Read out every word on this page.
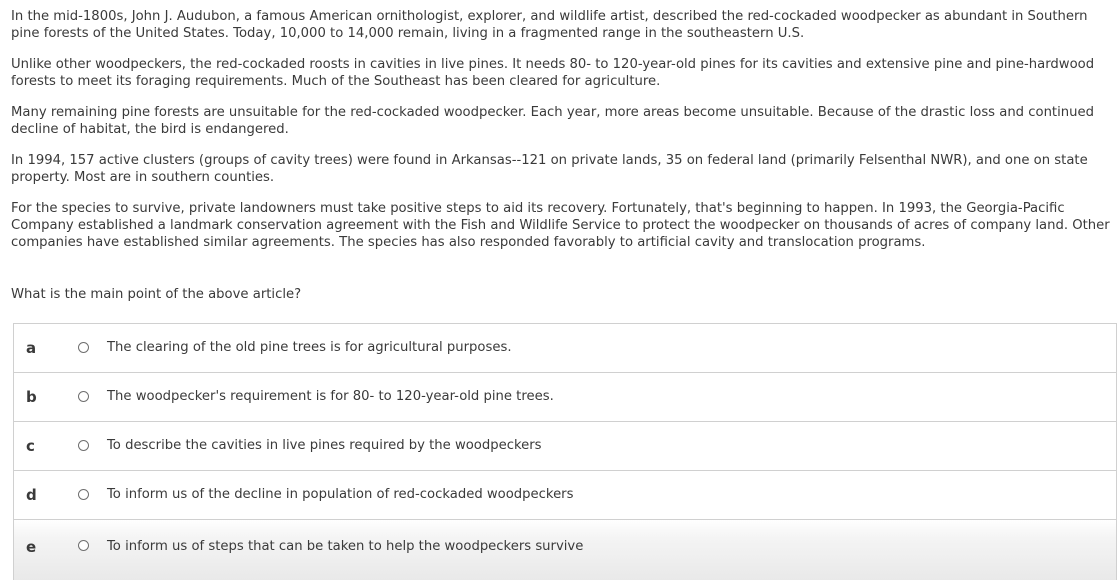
In the mid-1800s, John J. Audubon, a famous American ornithologist, explorer, and wildlife artist, described the red-cockaded woodpecker as abundant in Southern pine forests of the United States. Today, 10,000 to 14,000 remain, living in a fragmented range in the southeastern U.S.

Unlike other woodpeckers, the red-cockaded roosts in cavities in live pines. It needs 80- to 120-year-old pines for its cavities and extensive pine and pine-hardwood forests to meet its foraging requirements. Much of the Southeast has been cleared for agriculture.

Many remaining pine forests are unsuitable for the red-cockaded woodpecker. Each year, more areas become unsuitable. Because of the drastic loss and continued decline of habitat, the bird is endangered.

In 1994, 157 active clusters (groups of cavity trees) were found in Arkansas--121 on private lands, 35 on federal land (primarily Felsenthal NWR), and one on state property. Most are in southern counties.

For the species to survive, private landowners must take positive steps to aid its recovery. Fortunately, that's beginning to happen. In 1993, the Georgia-Pacific Company established a landmark conservation agreement with the Fish and Wildlife Service to protect the woodpecker on thousands of acres of company land. Other companies have established similar agreements. The species has also responded favorably to artificial cavity and translocation programs.

What is the main point of the above article?

a	The clearing of the old pine trees is for agricultural purposes.
b	The woodpecker's requirement is for 80- to 120-year-old pine trees.
c	To describe the cavities in live pines required by the woodpeckers
d	To inform us of the decline in population of red-cockaded woodpeckers
e	To inform us of steps that can be taken to help the woodpeckers survive
